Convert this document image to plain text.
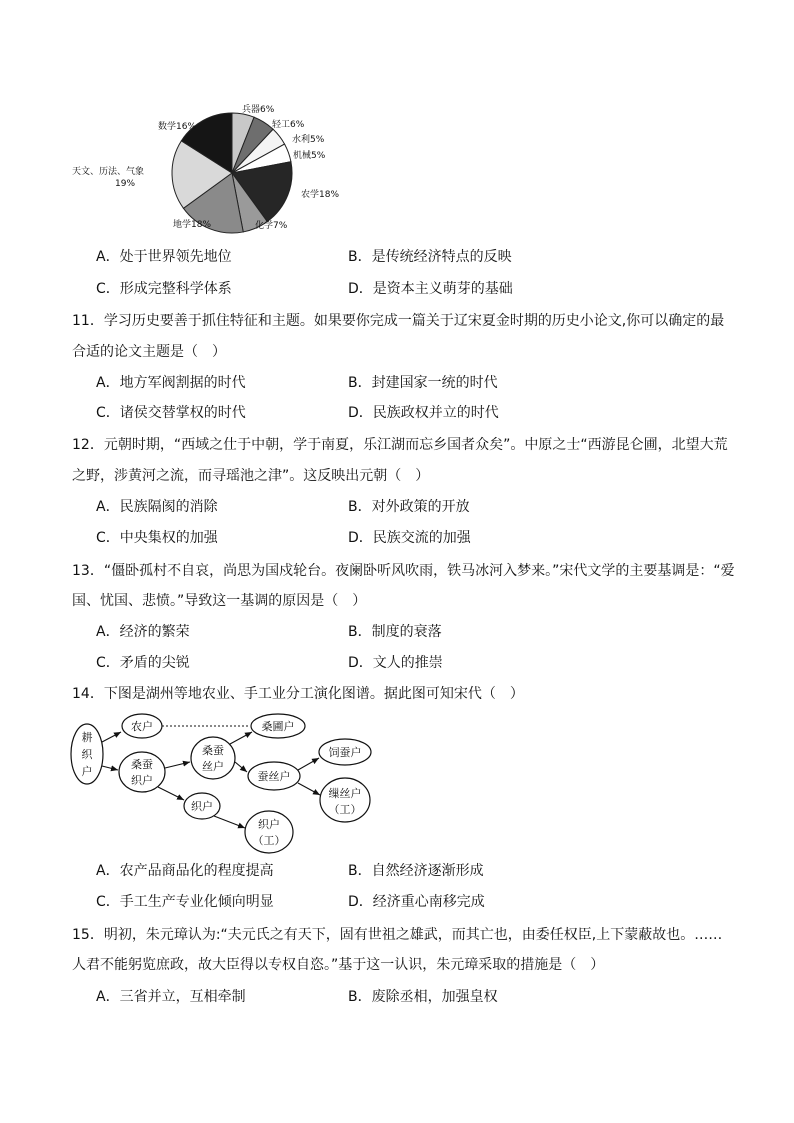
兵器6%
轻工6%
水利5%
机械5%
农学18%
化学7%
地学18%
天文、历法、气象
数学16%
19%
A．处于世界领先地位	B．是传统经济特点的反映
C．形成完整科学体系	D．是资本主义萌芽的基础
11．学习历史要善于抓住特征和主题。如果要你完成一篇关于辽宋夏金时期的历史小论文,你可以确定的最
合适的论文主题是（　）
A．地方军阀割据的时代	B．封建国家一统的时代
C．诸侯交替掌权的时代	D．民族政权并立的时代
12．元朝时期，“西域之仕于中朝，学于南夏，乐江湖而忘乡国者众矣”。中原之士“西游昆仑圃，北望大荒
之野，涉黄河之流，而寻瑶池之津”。这反映出元朝（　）
A．民族隔阂的消除	B．对外政策的开放
C．中央集权的加强	D．民族交流的加强
13．“僵卧孤村不自哀，尚思为国戍轮台。夜阑卧听风吹雨，铁马冰河入梦来。”宋代文学的主要基调是：“爱
国、忧国、悲愤。”导致这一基调的原因是（　）
A．经济的繁荣	B．制度的衰落
C．矛盾的尖锐	D．文人的推崇
14．下图是湖州等地农业、手工业分工演化图谱。据此图可知宋代（　）
耕
织
户
农户
桑蚕
织户
桑蚕
丝户
桑圃户
蚕丝户
饲蚕户
缫丝户
（工）
织户
织户
（工）
A．农产品商品化的程度提高	B．自然经济逐渐形成
C．手工生产专业化倾向明显	D．经济重心南移完成
15．明初，朱元璋认为:“夫元氏之有天下，固有世祖之雄武，而其亡也，由委任权臣,上下蒙蔽故也。……
人君不能躬览庶政，故大臣得以专权自恣。”基于这一认识，朱元璋采取的措施是（　）
A．三省并立，互相牵制	B．废除丞相，加强皇权
